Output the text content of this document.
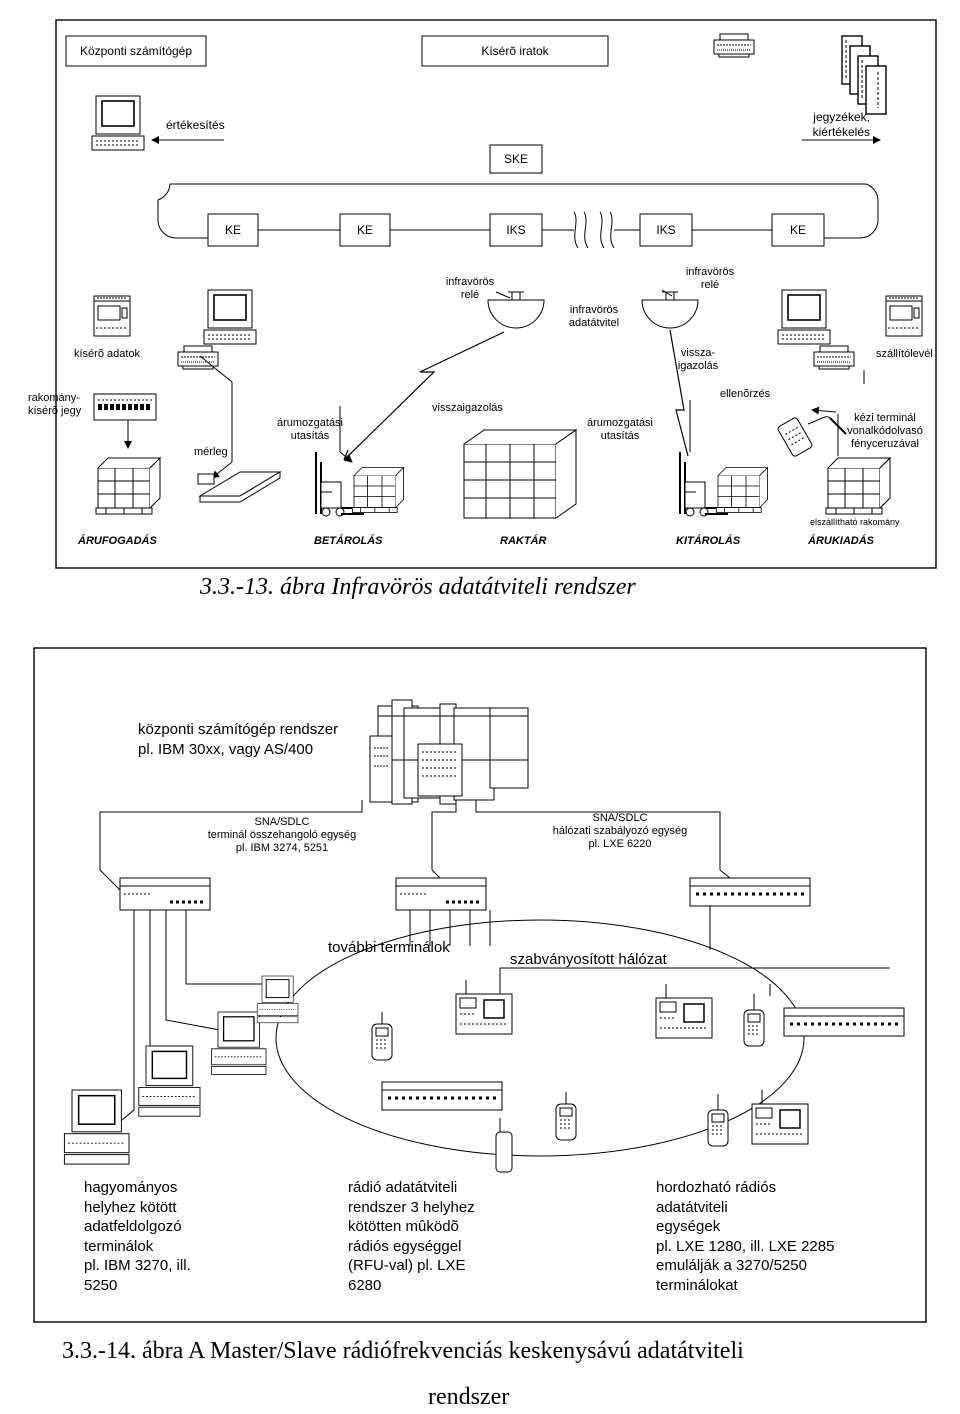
Központi számítógép	Kísérõ iratok
értékesítés
jegyzékek,
kiértékelés
SKE
KE	KE	IKS	IKS	KE
infravörös
relé
infravörös
relé
infravörös
adatátvitel
kísérõ adatok	vissza-
igazolás
szállítólevél
rakomány-
kísérõ jegy
mérleg
árumozgatási
utasítás
visszaigazolás
árumozgatási
utasítás
ellenõrzés
kézi terminál
vonalkódolvasó
fényceruzával
elszállítható rakomány
ÁRUFOGADÁS	BETÁROLÁS	RAKTÁR	KITÁROLÁS	ÁRUKIADÁS
3.3.-13. ábra Infravörös adatátviteli rendszer
központi számítógép rendszer
pl. IBM 30xx, vagy AS/400
SNA/SDLC
terminál összehangoló egység
pl. IBM 3274, 5251
SNA/SDLC
hálózati szabályozó egység
pl. LXE 6220
további terminálok
szabványosított hálózat
hagyományos
helyhez kötött
adatfeldolgozó
terminálok
pl. IBM 3270, ill.
5250
rádió adatátviteli
rendszer 3 helyhez
kötötten mûködõ
rádiós egységgel
(RFU-val) pl. LXE
6280
hordozható rádiós
adatátviteli
egységek
pl. LXE 1280, ill. LXE 2285
emulálják a 3270/5250
terminálokat
3.3.-14. ábra A Master/Slave rádiófrekvenciás keskenysávú adatátviteli
rendszer
